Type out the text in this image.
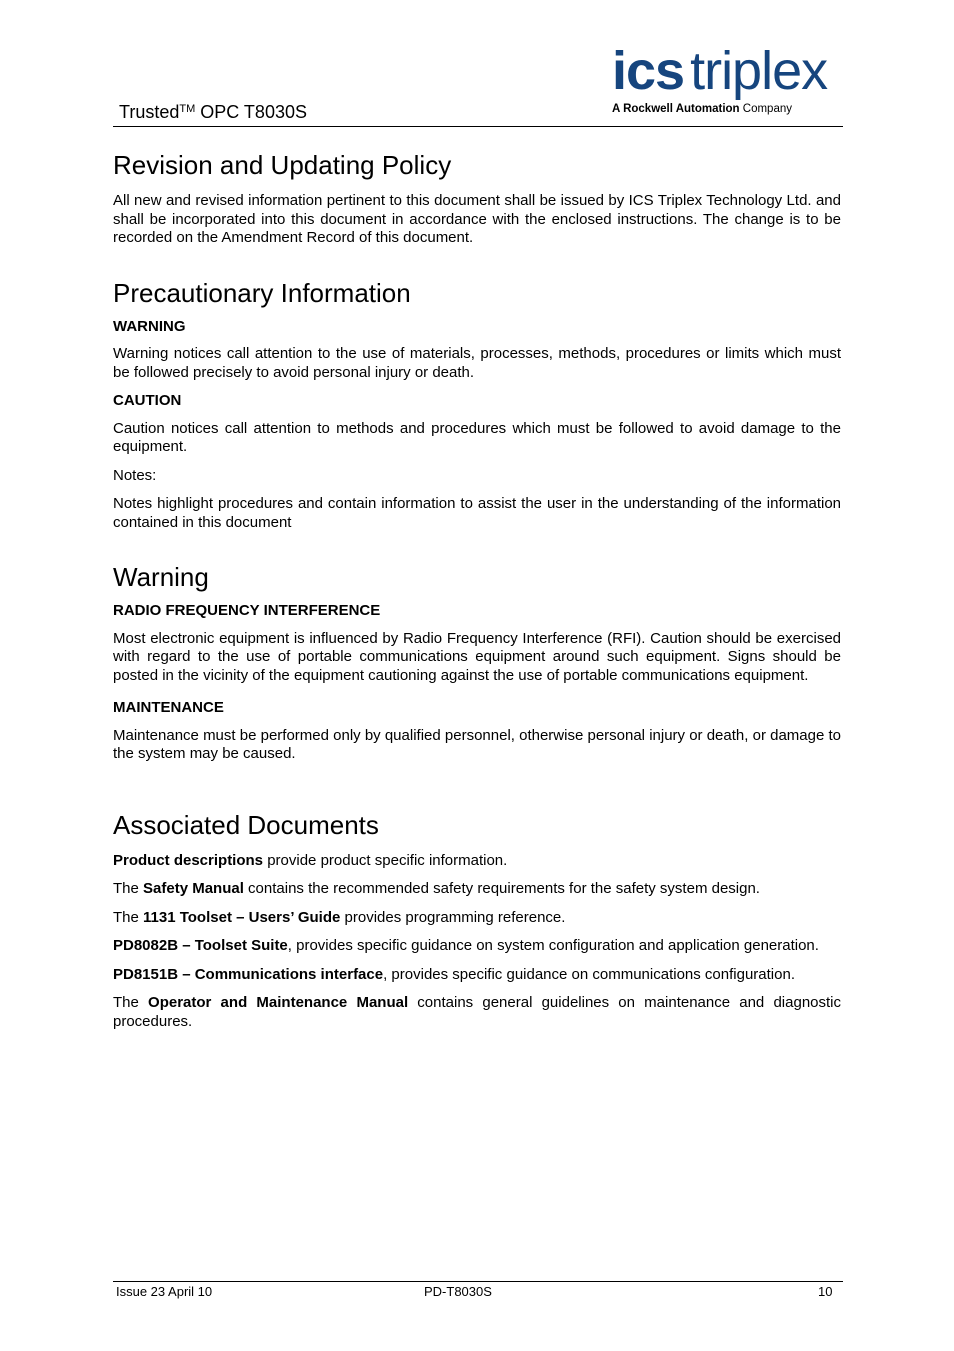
Trusted™ OPC T8030S
ics triplex
A Rockwell Automation Company
Revision and Updating Policy

All new and revised information pertinent to this document shall be issued by ICS Triplex Technology Ltd. and shall be incorporated into this document in accordance with the enclosed instructions. The change is to be recorded on the Amendment Record of this document.

Precautionary Information
WARNING

Warning notices call attention to the use of materials, processes, methods, procedures or limits which must be followed precisely to avoid personal injury or death.

CAUTION

Caution notices call attention to methods and procedures which must be followed to avoid damage to the equipment.

Notes:

Notes highlight procedures and contain information to assist the user in the understanding of the information contained in this document

Warning
RADIO FREQUENCY INTERFERENCE

Most electronic equipment is influenced by Radio Frequency Interference (RFI). Caution should be exercised with regard to the use of portable communications equipment around such equipment. Signs should be posted in the vicinity of the equipment cautioning against the use of portable communications equipment.

MAINTENANCE

Maintenance must be performed only by qualified personnel, otherwise personal injury or death, or damage to the system may be caused.

Associated Documents

Product descriptions provide product specific information.

The Safety Manual contains the recommended safety requirements for the safety system design.

The 1131 Toolset – Users’ Guide provides programming reference.

PD8082B – Toolset Suite, provides specific guidance on system configuration and application generation.

PD8151B – Communications interface, provides specific guidance on communications configuration.

The Operator and Maintenance Manual contains general guidelines on maintenance and diagnostic procedures.

Issue 23 April 10	PD-T8030S	10
